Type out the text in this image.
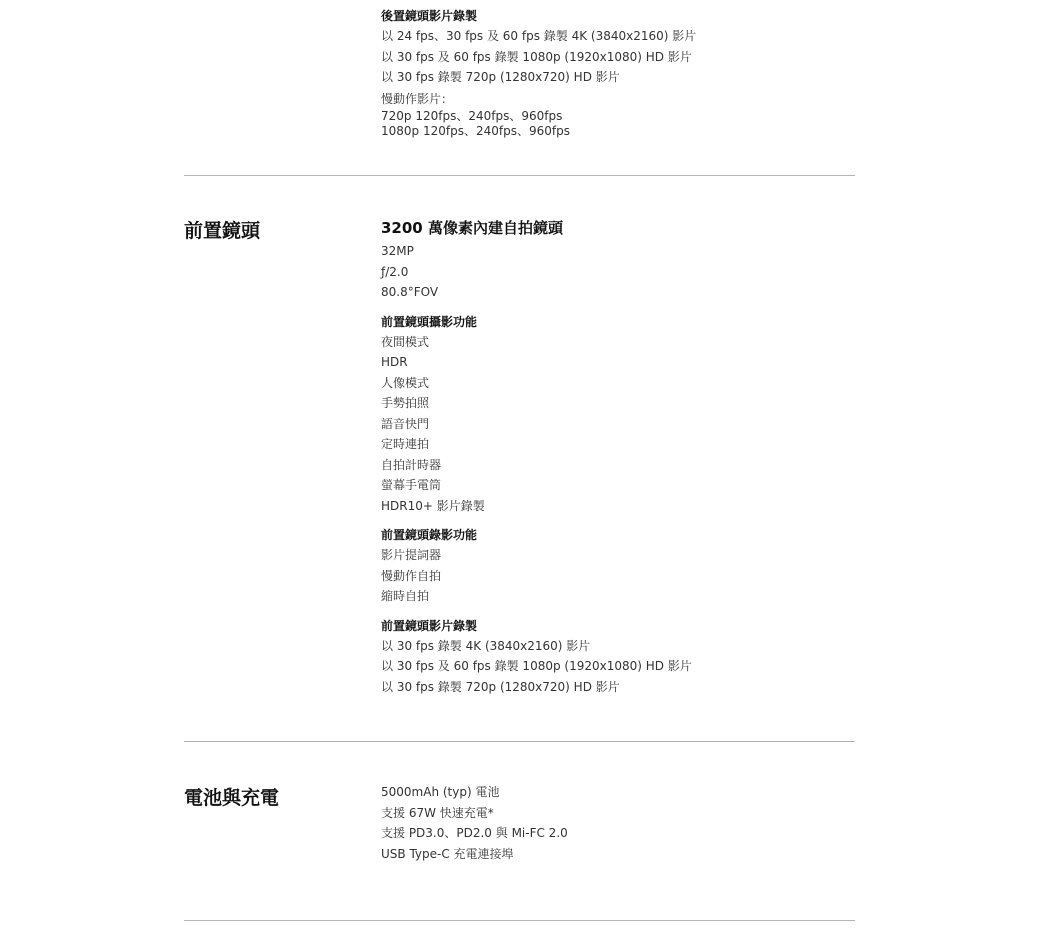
後置鏡頭影片錄製
以 24 fps、30 fps 及 60 fps 錄製 4K (3840x2160) 影片
以 30 fps 及 60 fps 錄製 1080p (1920x1080) HD 影片
以 30 fps 錄製 720p (1280x720) HD 影片
慢動作影片：
720p 120fps、240fps、960fps
1080p 120fps、240fps、960fps
前置鏡頭	3200 萬像素內建自拍鏡頭
32MP
ƒ/2.0
80.8°FOV
前置鏡頭攝影功能
夜間模式
HDR
人像模式
手勢拍照
語音快門
定時連拍
自拍計時器
螢幕手電筒
HDR10+ 影片錄製
前置鏡頭錄影功能
影片提詞器
慢動作自拍
縮時自拍
前置鏡頭影片錄製
以 30 fps 錄製 4K (3840x2160) 影片
以 30 fps 及 60 fps 錄製 1080p (1920x1080) HD 影片
以 30 fps 錄製 720p (1280x720) HD 影片
電池與充電	5000mAh (typ) 電池
支援 67W 快速充電*
支援 PD3.0、PD2.0 與 Mi-FC 2.0
USB Type-C 充電連接埠
